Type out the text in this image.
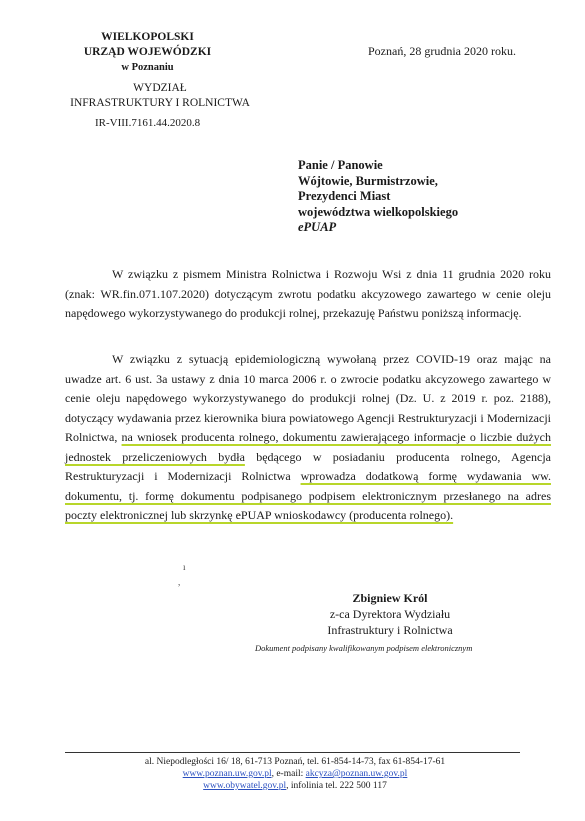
WIELKOPOLSKI
URZĄD WOJEWÓDZKI
w Poznaniu
WYDZIAŁ
INFRASTRUKTURY I ROLNICTWA
IR-VIII.7161.44.2020.8
Poznań, 28 grudnia 2020 roku.
Panie / Panowie
Wójtowie, Burmistrzowie,
Prezydenci Miast
województwa wielkopolskiego
ePUAP

W związku z pismem Ministra Rolnictwa i Rozwoju Wsi z dnia 11 grudnia 2020 roku (znak: WR.fin.071.107.2020) dotyczącym zwrotu podatku akcyzowego zawartego w cenie oleju napędowego wykorzystywanego do produkcji rolnej, przekazuję Państwu poniższą informację.

W związku z sytuacją epidemiologiczną wywołaną przez COVID-19 oraz mając na uwadze art. 6 ust. 3a ustawy z dnia 10 marca 2006 r. o zwrocie podatku akcyzowego zawartego w cenie oleju napędowego wykorzystywanego do produkcji rolnej (Dz. U. z 2019 r. poz. 2188), dotyczący wydawania przez kierownika biura powiatowego Agencji Restrukturyzacji i Modernizacji Rolnictwa, na wniosek producenta rolnego, dokumentu zawierającego informacje o liczbie dużych jednostek przeliczeniowych bydła będącego w posiadaniu producenta rolnego, Agencja Restrukturyzacji i Modernizacji Rolnictwa wprowadza dodatkową formę wydawania ww. dokumentu, tj. formę dokumentu podpisanego podpisem elektronicznym przesłanego na adres poczty elektronicznej lub skrzynkę ePUAP wnioskodawcy (producenta rolnego).

ı
,
Zbigniew Król
z-ca Dyrektora Wydziału
Infrastruktury i Rolnictwa
Dokument podpisany kwalifikowanym podpisem elektronicznym
al. Niepodległości 16/ 18, 61-713 Poznań, tel. 61-854-14-73, fax 61-854-17-61
www.poznan.uw.gov.pl, e-mail: akcyza@poznan.uw.gov.pl
www.obywatel.gov.pl, infolinia tel. 222 500 117
